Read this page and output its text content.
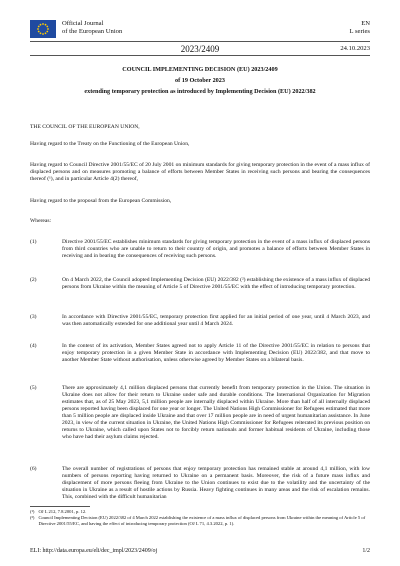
Official Journal
of the European Union
EN
L series
2023/2409	24.10.2023
COUNCIL IMPLEMENTING DECISION (EU) 2023/2409
of 19 October 2023
extending temporary protection as introduced by Implementing Decision (EU) 2022/382
THE COUNCIL OF THE EUROPEAN UNION,
Having regard to the Treaty on the Functioning of the European Union,
Having regard to Council Directive 2001/55/EC of 20 July 2001 on minimum standards for giving temporary protection in the event of a mass influx of displaced persons and on measures promoting a balance of efforts between Member States in receiving such persons and bearing the consequences thereof (¹), and in particular Article 4(2) thereof,
Having regard to the proposal from the European Commission,
Whereas:
(1)	Directive 2001/55/EC establishes minimum standards for giving temporary protection in the event of a mass influx of displaced persons from third countries who are unable to return to their country of origin, and promotes a balance of efforts between Member States in receiving and in bearing the consequences of receiving such persons.
(2)	On 4 March 2022, the Council adopted Implementing Decision (EU) 2022/382 (²) establishing the existence of a mass influx of displaced persons from Ukraine within the meaning of Article 5 of Directive 2001/55/EC with the effect of introducing temporary protection.
(3)	In accordance with Directive 2001/55/EC, temporary protection first applied for an initial period of one year, until 4 March 2023, and was then automatically extended for one additional year until 4 March 2024.
(4)	In the context of its activation, Member States agreed not to apply Article 11 of the Directive 2001/55/EC in relation to persons that enjoy temporary protection in a given Member State in accordance with Implementing Decision (EU) 2022/382, and that move to another Member State without authorisation, unless otherwise agreed by Member States on a bilateral basis.
(5)	There are approximately 4,1 million displaced persons that currently benefit from temporary protection in the Union. The situation in Ukraine does not allow for their return to Ukraine under safe and durable conditions. The International Organization for Migration estimates that, as of 25 May 2023, 5,1 million people are internally displaced within Ukraine. More than half of all internally displaced persons reported having been displaced for one year or longer. The United Nations High Commissioner for Refugees estimated that more than 5 million people are displaced inside Ukraine and that over 17 million people are in need of urgent humanitarian assistance. In June 2023, in view of the current situation in Ukraine, the United Nations High Commissioner for Refugees reiterated its previous position on returns to Ukraine, which called upon States not to forcibly return nationals and former habitual residents of Ukraine, including those who have had their asylum claims rejected.
(6)	The overall number of registrations of persons that enjoy temporary protection has remained stable at around 4,1 million, with low numbers of persons reporting having returned to Ukraine on a permanent basis. Moreover, the risk of a future mass influx and displacement of more persons fleeing from Ukraine to the Union continues to exist due to the volatility and the uncertainty of the situation in Ukraine as a result of hostile actions by Russia. Heavy fighting continues in many areas and the risk of escalation remains. This, combined with the difficult humanitarian
(¹) OJ L 212, 7.8.2001, p. 12.
(²) Council Implementing Decision (EU) 2022/382 of 4 March 2022 establishing the existence of a mass influx of displaced persons from Ukraine within the meaning of Article 5 of Directive 2001/55/EC, and having the effect of introducing temporary protection (OJ L 71, 4.3.2022, p. 1).
ELI: http://data.europa.eu/eli/dec_impl/2023/2409/oj	1/2
